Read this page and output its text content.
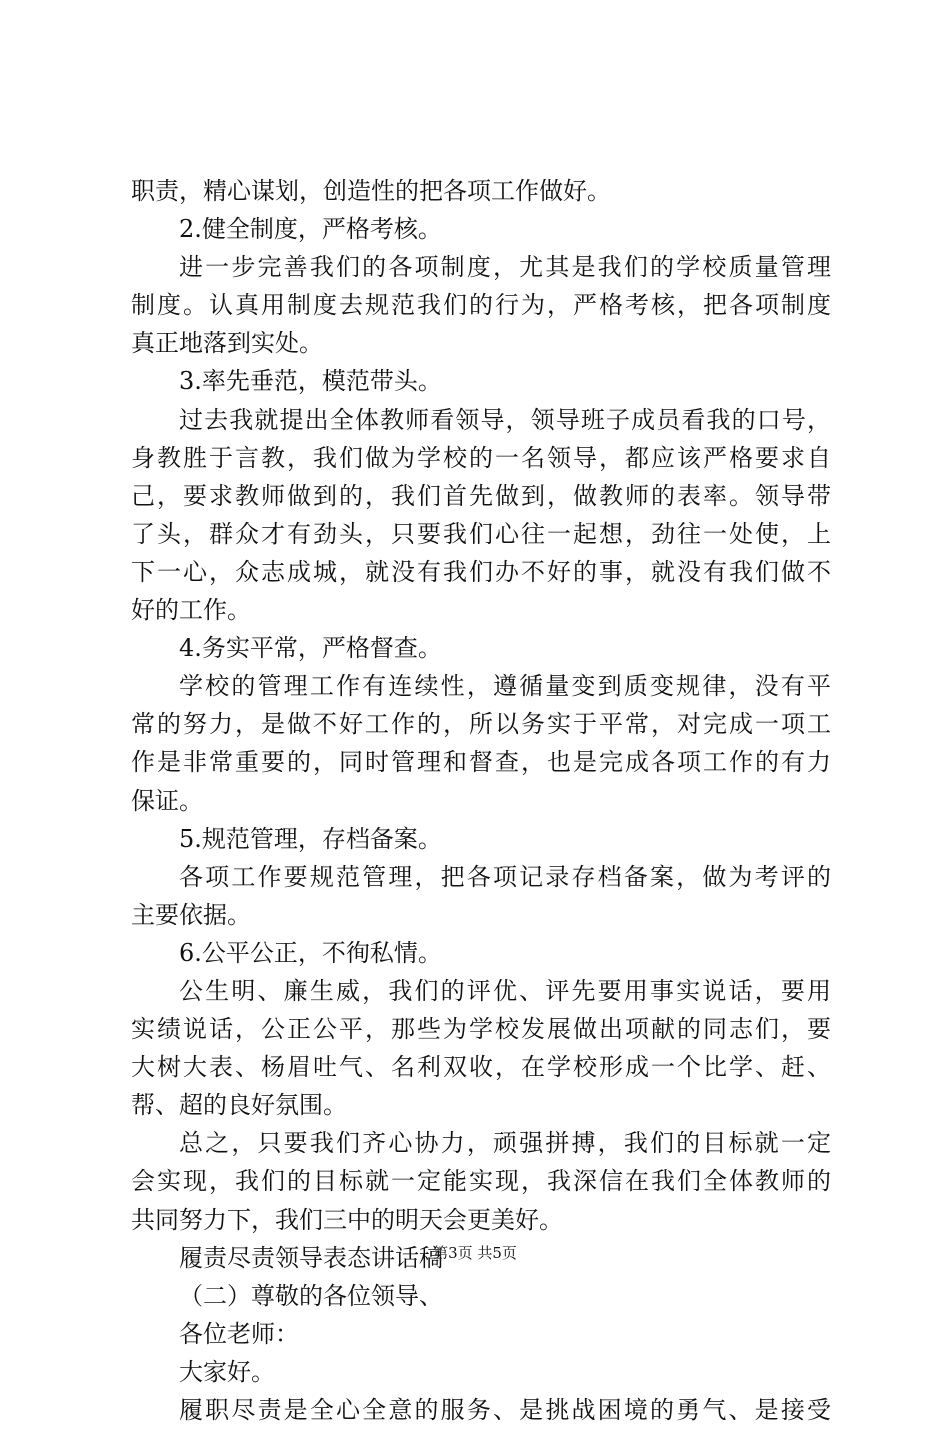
职责，精心谋划，创造性的把各项工作做好。
2.健全制度，严格考核。
进一步完善我们的各项制度，尤其是我们的学校质量管理
制度。认真用制度去规范我们的行为，严格考核，把各项制度
真正地落到实处。
3.率先垂范，模范带头。
过去我就提出全体教师看领导，领导班子成员看我的口号，
身教胜于言教，我们做为学校的一名领导，都应该严格要求自
己，要求教师做到的，我们首先做到，做教师的表率。领导带
了头，群众才有劲头，只要我们心往一起想，劲往一处使，上
下一心，众志成城，就没有我们办不好的事，就没有我们做不
好的工作。
4.务实平常，严格督查。
学校的管理工作有连续性，遵循量变到质变规律，没有平
常的努力，是做不好工作的，所以务实于平常，对完成一项工
作是非常重要的，同时管理和督查，也是完成各项工作的有力
保证。
5.规范管理，存档备案。
各项工作要规范管理，把各项记录存档备案，做为考评的
主要依据。
6.公平公正，不徇私情。
公生明、廉生威，我们的评优、评先要用事实说话，要用
实绩说话，公正公平，那些为学校发展做出项献的同志们，要
大树大表、杨眉吐气、名利双收，在学校形成一个比学、赶、
帮、超的良好氛围。
总之，只要我们齐心协力，顽强拼搏，我们的目标就一定
会实现，我们的目标就一定能实现，我深信在我们全体教师的
共同努力下，我们三中的明天会更美好。
履责尽责领导表态讲话稿
（二）尊敬的各位领导、
各位老师：
大家好。
履职尽责是全心全意的服务、是挑战困境的勇气、是接受
第3页 共5页
